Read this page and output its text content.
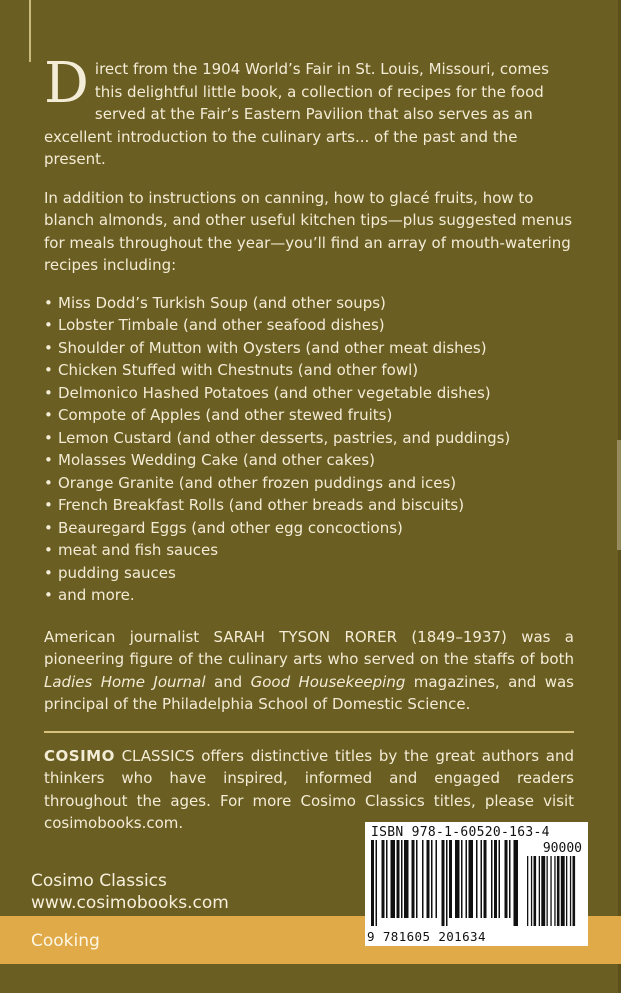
Direct from the 1904 World’s Fair in St. Louis, Missouri, comes this delightful little book, a collection of recipes for the food served at the Fair’s Eastern Pavilion that also serves as an excellent introduction to the culinary arts... of the past and the present.

In addition to instructions on canning, how to glacé fruits, how to blanch almonds, and other useful kitchen tips—plus suggested menus for meals throughout the year—you’ll find an array of mouth-watering recipes including:

• Miss Dodd’s Turkish Soup (and other soups)
• Lobster Timbale (and other seafood dishes)
• Shoulder of Mutton with Oysters (and other meat dishes)
• Chicken Stuffed with Chestnuts (and other fowl)
• Delmonico Hashed Potatoes (and other vegetable dishes)
• Compote of Apples (and other stewed fruits)
• Lemon Custard (and other desserts, pastries, and puddings)
• Molasses Wedding Cake (and other cakes)
• Orange Granite (and other frozen puddings and ices)
• French Breakfast Rolls (and other breads and biscuits)
• Beauregard Eggs (and other egg concoctions)
• meat and fish sauces
• pudding sauces
• and more.

American journalist SARAH TYSON RORER (1849–1937) was a pioneering figure of the culinary arts who served on the staffs of both Ladies Home Journal and Good Housekeeping magazines, and was principal of the Philadelphia School of Domestic Science.

COSIMO CLASSICS offers distinctive titles by the great authors and thinkers who have inspired, informed and engaged readers throughout the ages. For more Cosimo Classics titles, please visit cosimobooks.com.

Cosimo Classics
www.cosimobooks.com
Cooking
ISBN 978-1-60520-163-4
90000
9 781605 201634
